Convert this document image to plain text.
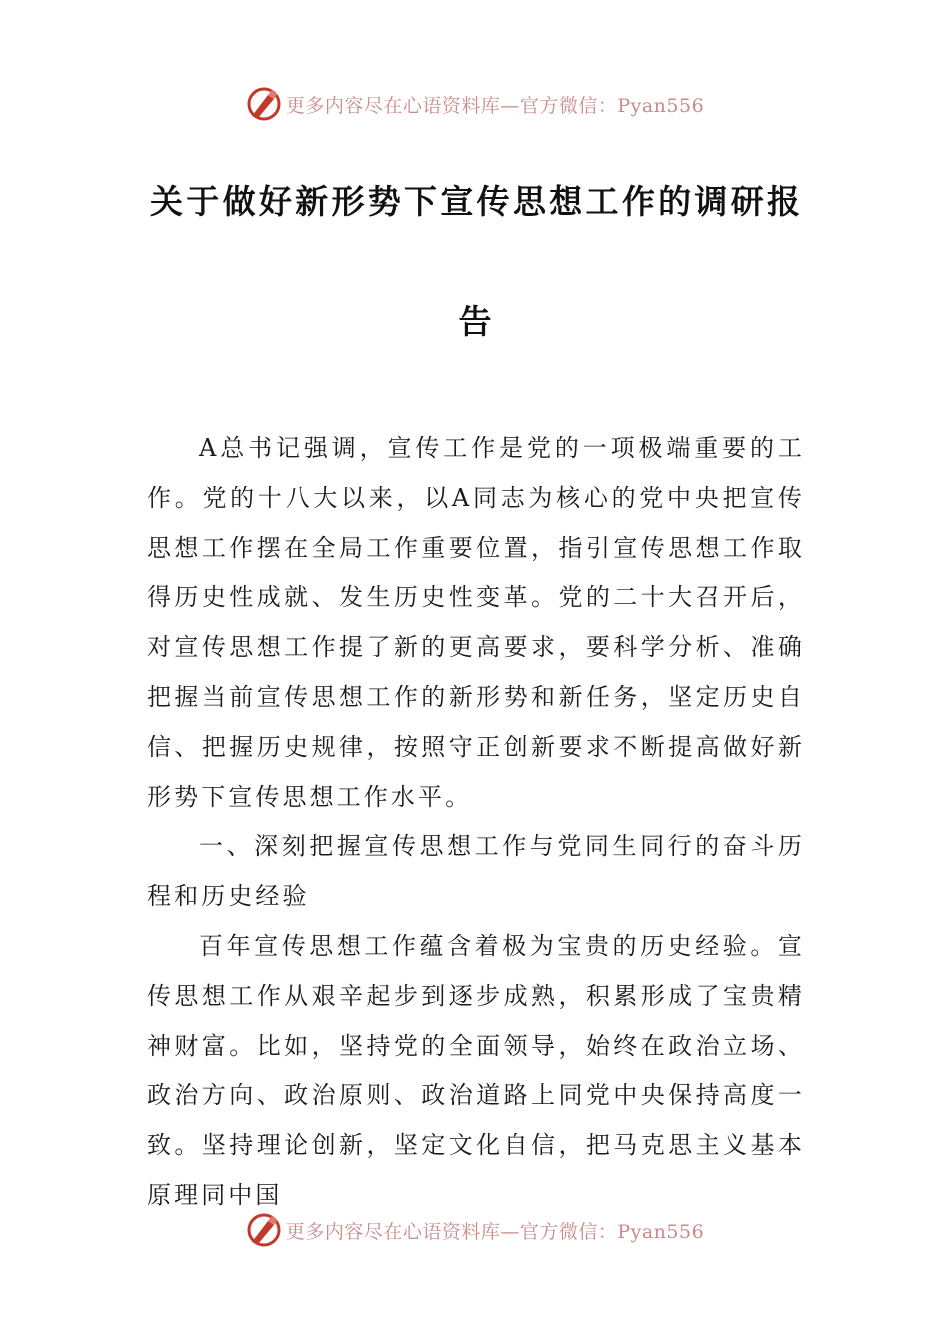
更多内容尽在心语资料库—官方微信：Pyan556
关于做好新形势下宣传思想工作的调研报
告

A总书记强调，宣传工作是党的一项极端重要的工作。党的十八大以来，以A同志为核心的党中央把宣传思想工作摆在全局工作重要位置，指引宣传思想工作取得历史性成就、发生历史性变革。党的二十大召开后，对宣传思想工作提了新的更高要求，要科学分析、准确把握当前宣传思想工作的新形势和新任务，坚定历史自信、把握历史规律，按照守正创新要求不断提高做好新形势下宣传思想工作水平。

一、深刻把握宣传思想工作与党同生同行的奋斗历程和历史经验

百年宣传思想工作蕴含着极为宝贵的历史经验。宣传思想工作从艰辛起步到逐步成熟，积累形成了宝贵精神财富。比如，坚持党的全面领导，始终在政治立场、政治方向、政治原则、政治道路上同党中央保持高度一致。坚持理论创新，坚定文化自信，把马克思主义基本原理同中国

更多内容尽在心语资料库—官方微信：Pyan556
